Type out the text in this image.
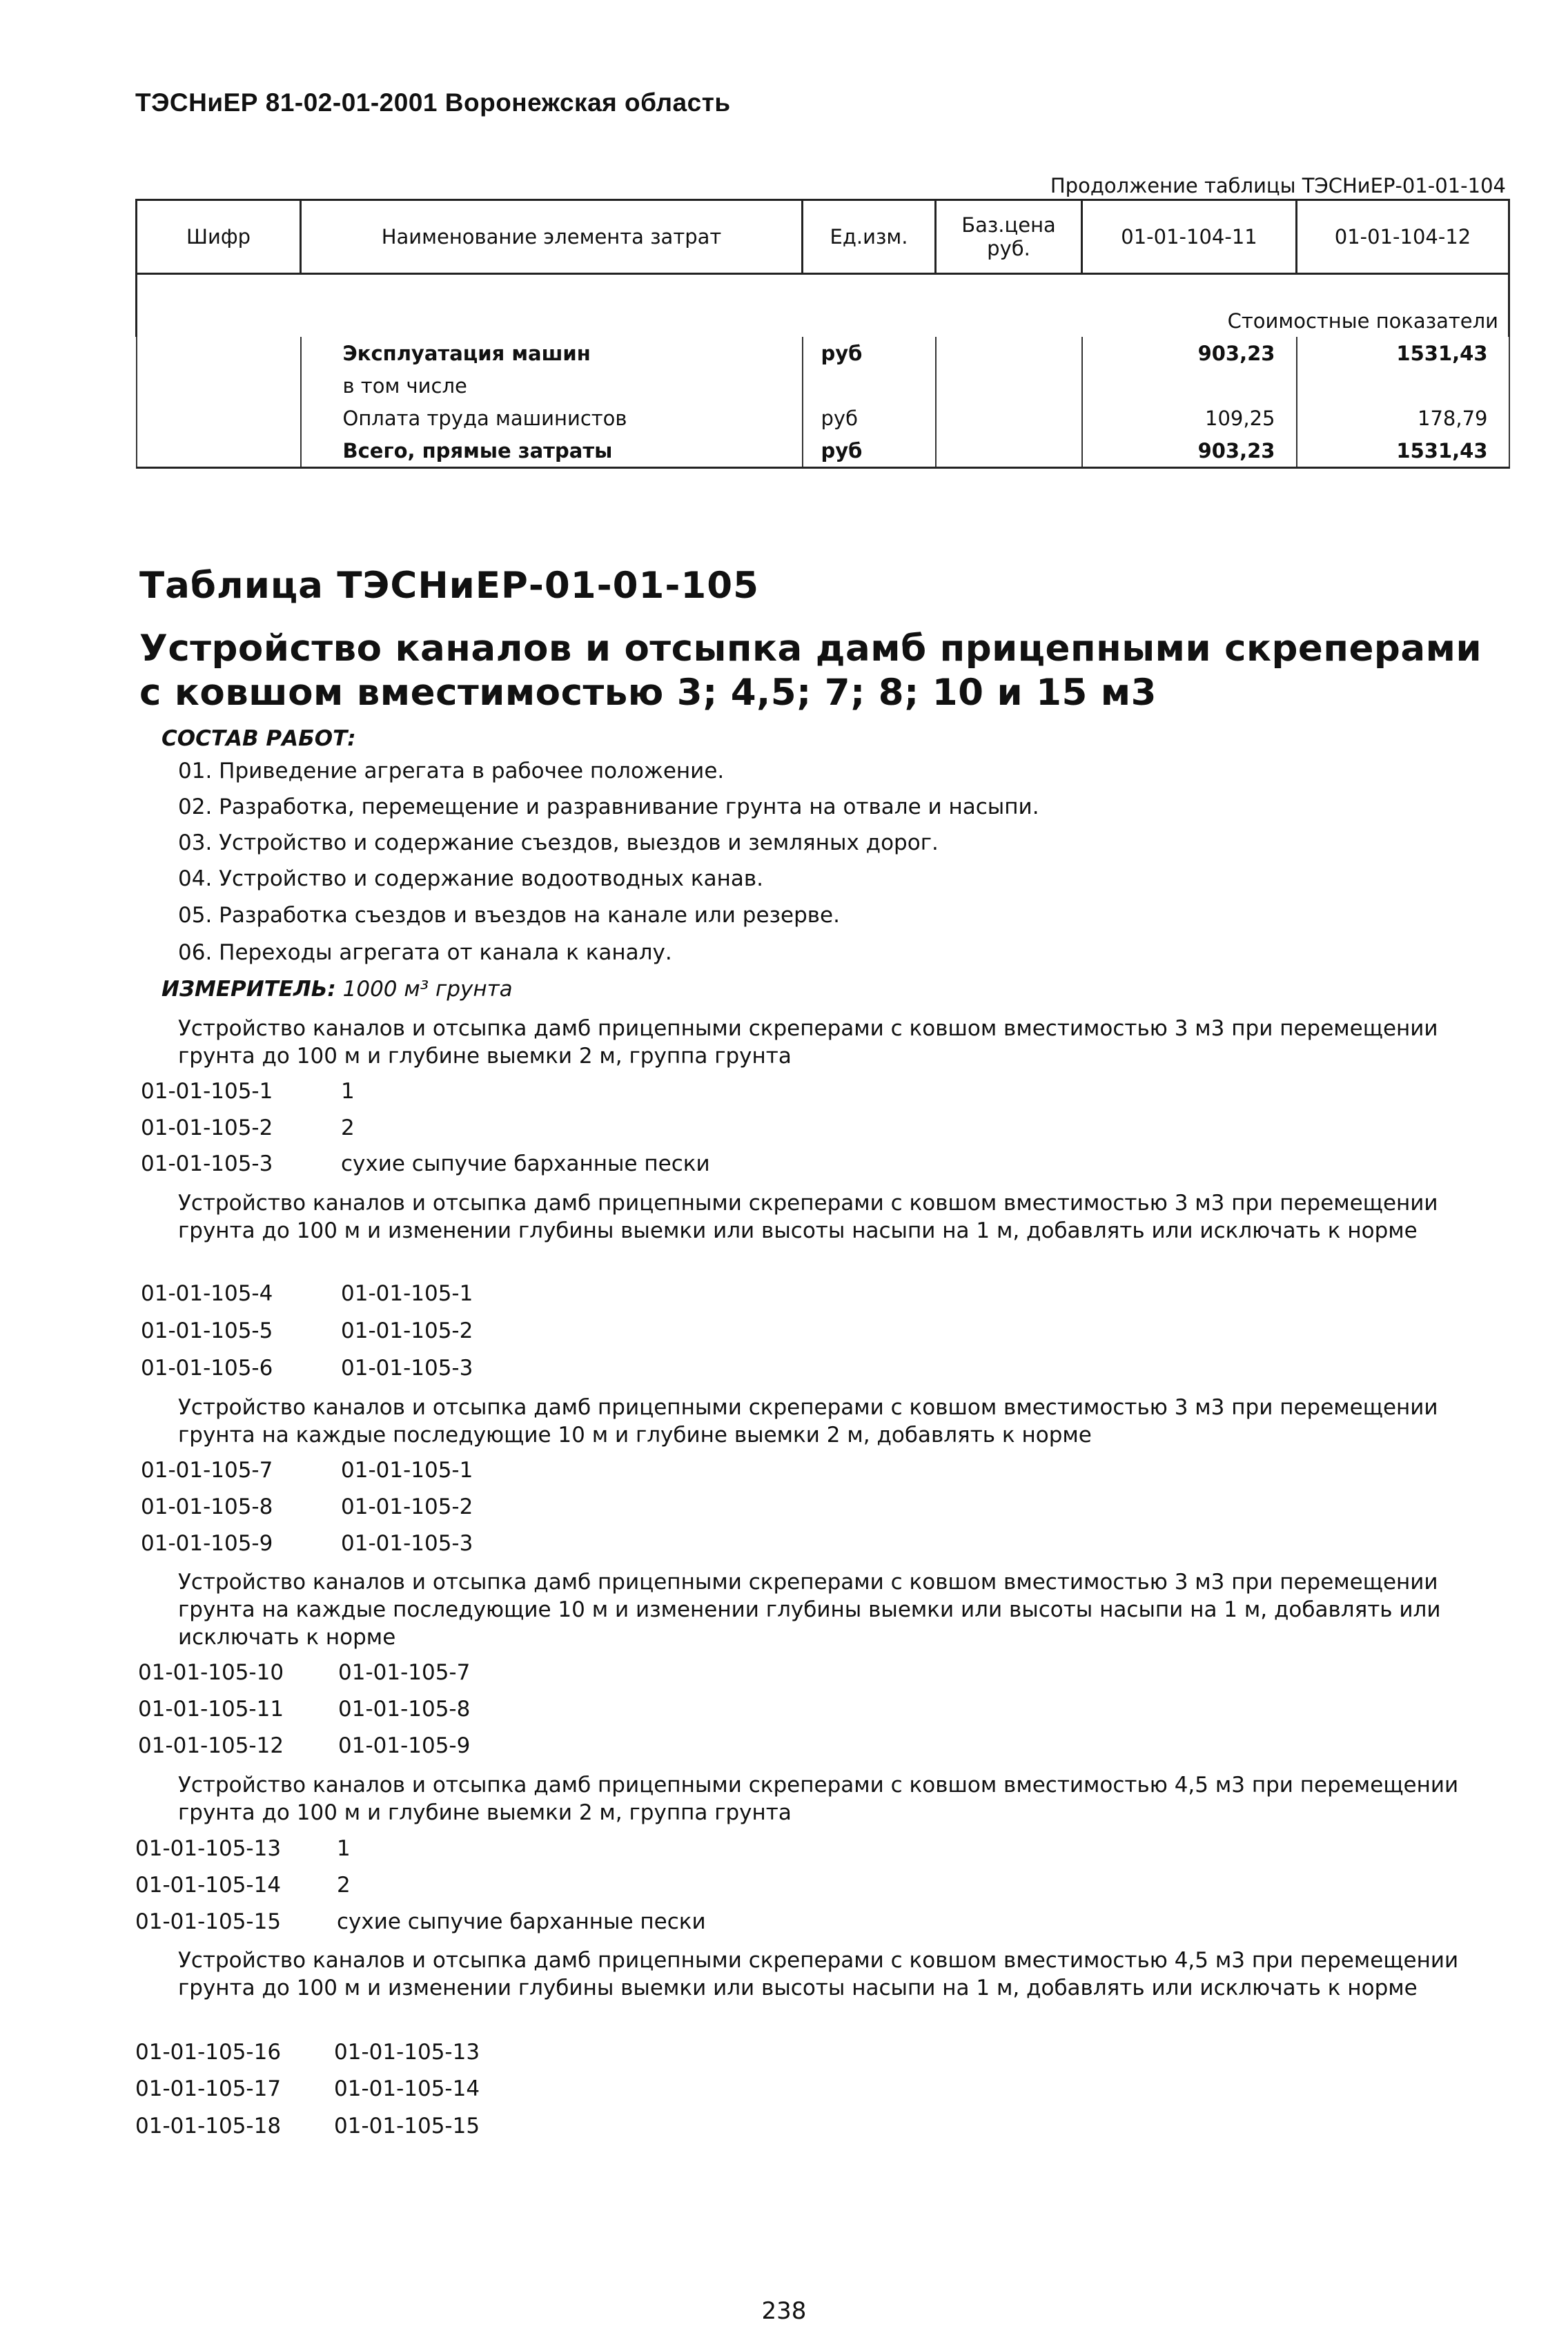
ТЭСНиЕР 81-02-01-2001 Воронежская область
Продолжение таблицы ТЭСНиЕР-01-01-104
Шифр	Наименование элемента затрат	Ед.изм.	Баз.цена руб.	01-01-104-11	01-01-104-12
Стоимостные показатели					
	Эксплуатация машин	руб		903,23	1531,43
	в том числе				
	Оплата труда машинистов	руб		109,25	178,79
	Всего, прямые затраты	руб		903,23	1531,43
Таблица ТЭСНиЕР-01-01-105
Устройство каналов и отсыпка дамб прицепными скреперами с ковшом вместимостью 3; 4,5; 7; 8; 10 и 15 м3
СОСТАВ РАБОТ:
01. Приведение агрегата в рабочее положение.
02. Разработка, перемещение и разравнивание грунта на отвале и насыпи.
03. Устройство и содержание съездов, выездов и земляных дорог.
04. Устройство и содержание водоотводных канав.
05. Разработка съездов и въездов на канале или резерве.
06. Переходы агрегата от канала к каналу.
ИЗМЕРИТЕЛЬ: 1000 м³ грунта
Устройство каналов и отсыпка дамб прицепными скреперами с ковшом вместимостью 3 м3 при перемещении грунта до 100 м и глубине выемки 2 м, группа грунта
01-01-105-1	1
01-01-105-2	2
01-01-105-3	сухие сыпучие барханные пески
Устройство каналов и отсыпка дамб прицепными скреперами с ковшом вместимостью 3 м3 при перемещении грунта до 100 м и изменении глубины выемки или высоты насыпи на 1 м, добавлять или исключать к норме
01-01-105-4	01-01-105-1
01-01-105-5	01-01-105-2
01-01-105-6	01-01-105-3
Устройство каналов и отсыпка дамб прицепными скреперами с ковшом вместимостью 3 м3 при перемещении грунта на каждые последующие 10 м и глубине выемки 2 м, добавлять к норме
01-01-105-7	01-01-105-1
01-01-105-8	01-01-105-2
01-01-105-9	01-01-105-3
Устройство каналов и отсыпка дамб прицепными скреперами с ковшом вместимостью 3 м3 при перемещении грунта на каждые последующие 10 м и изменении глубины выемки или высоты насыпи на 1 м, добавлять или исключать к норме
01-01-105-10	01-01-105-7
01-01-105-11	01-01-105-8
01-01-105-12	01-01-105-9
Устройство каналов и отсыпка дамб прицепными скреперами с ковшом вместимостью 4,5 м3 при перемещении грунта до 100 м и глубине выемки 2 м, группа грунта
01-01-105-13	1
01-01-105-14	2
01-01-105-15	сухие сыпучие барханные пески
Устройство каналов и отсыпка дамб прицепными скреперами с ковшом вместимостью 4,5 м3 при перемещении грунта до 100 м и изменении глубины выемки или высоты насыпи на 1 м, добавлять или исключать к норме
01-01-105-16 01-01-105-13
01-01-105-17 01-01-105-14
01-01-105-18 01-01-105-15
238
